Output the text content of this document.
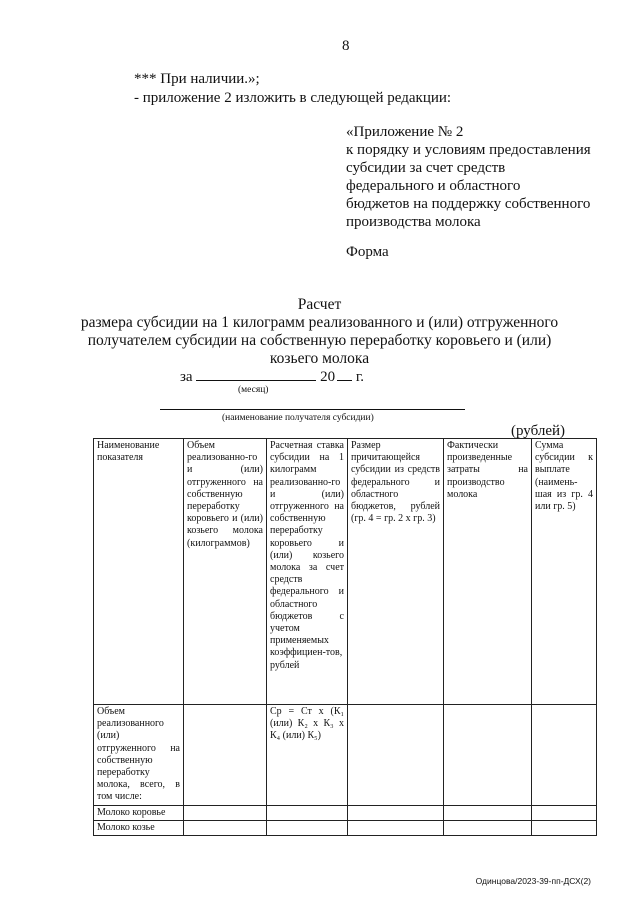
8
*** При наличии.»;
- приложение 2 изложить в следующей редакции:
«Приложение № 2
к порядку и условиям предоставления
субсидии за счет средств
федерального и областного
бюджетов на поддержку собственного
производства молока
Форма
Расчет
размера субсидии на 1 килограмм реализованного и (или) отгруженного
получателем субсидии на собственную переработку коровьего и (или)
козьего молока
за	20 г.
(месяц)
(наименование получателя субсидии)
(рублей)
Наименование показателя	Объем реализованно-го и (или) отгруженного на собственную переработку коровьего и (или) козьего молока (килограммов)	Расчетная ставка субсидии на 1 килограмм реализованно-го и (или) отгруженного на собственную переработку коровьего и (или) козьего молока за счет средств федерального и областного бюджетов с учетом применяемых коэффициен-тов, рублей	Размер причитающейся субсидии из средств федерального и областного бюджетов, рублей (гр. 4 = гр. 2 х гр. 3)	Фактически произведенные затраты на производство молока	Сумма субсидии к выплате (наимень-шая из гр. 4 или гр. 5)
Объем реализованного (или) отгруженного на собственную переработку молока, всего, в том числе:		Ср = Ст х (К₁ (или) К₂ х К₃ х К₄ (или) К₅)			
Молоко коровье					
Молоко козье					
Одинцова/2023-39-пп-ДСХ(2)
